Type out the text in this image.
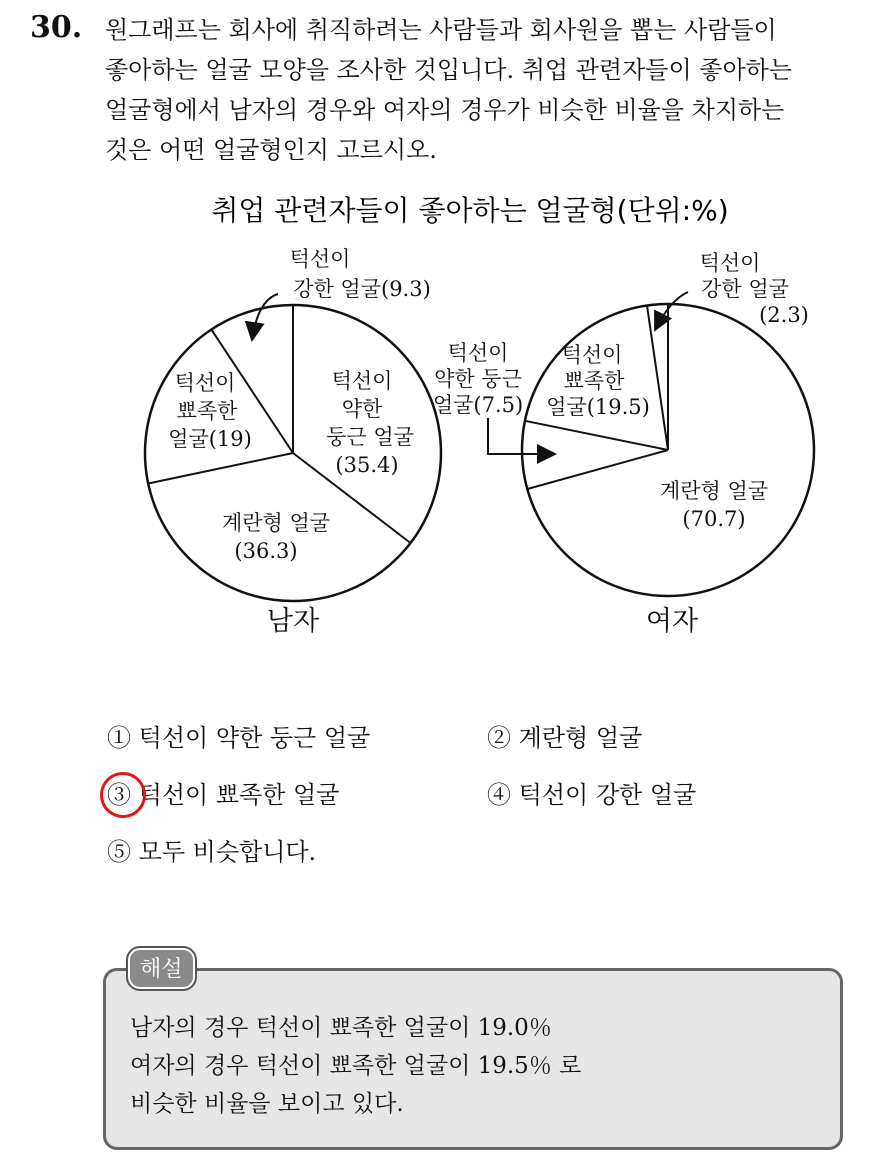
30. 원그래프는 회사에 취직하려는 사람들과 회사원을 뽑는 사람들이
좋아하는 얼굴 모양을 조사한 것입니다. 취업 관련자들이 좋아하는
얼굴형에서 남자의 경우와 여자의 경우가 비슷한 비율을 차지하는
것은 어떤 얼굴형인지 고르시오.
취업 관련자들이 좋아하는 얼굴형(단위:%)
턱선이
약한
둥근 얼굴
(35.4)
계란형 얼굴
(36.3)
턱선이
뾰족한
얼굴(19)
턱선이
강한 얼굴(9.3)
남자
계란형 얼굴
(70.7)
턱선이
약한 둥근
얼굴(7.5)
턱선이
뾰족한
얼굴(19.5)
턱선이
강한 얼굴
(2.3)
여자
① 턱선이 약한 둥근 얼굴	② 계란형 얼굴
③ 턱선이 뾰족한 얼굴	④ 턱선이 강한 얼굴
⑤ 모두 비슷합니다.
해설
남자의 경우 턱선이 뾰족한 얼굴이 19.0％
여자의 경우 턱선이 뾰족한 얼굴이 19.5％ 로
비슷한 비율을 보이고 있다.
